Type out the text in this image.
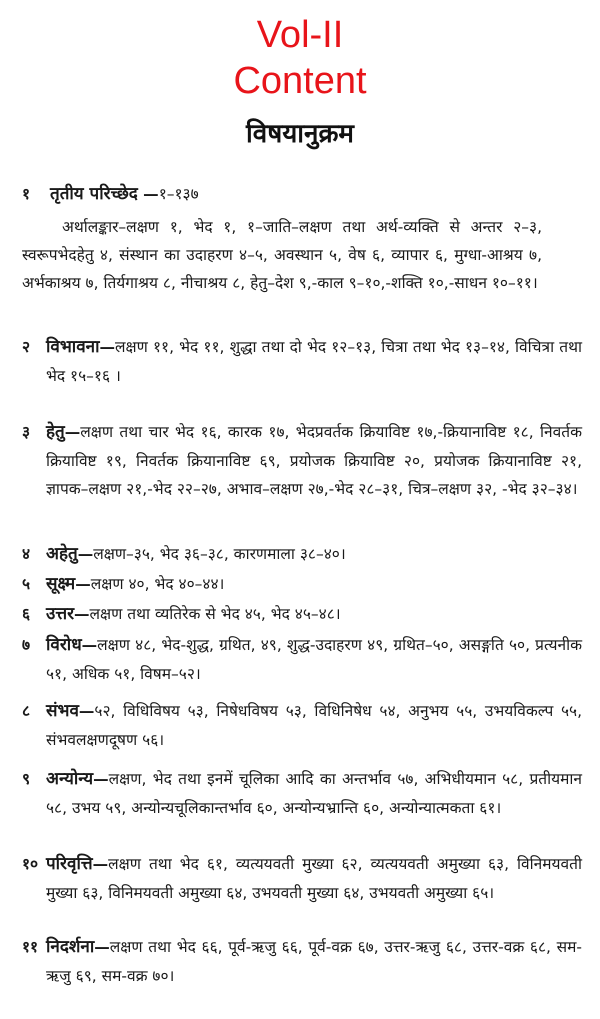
Vol-II
Content
विषयानुक्रम
१ तृतीय परिच्छेद —१–१३७
अर्थालङ्कार–लक्षण १, भेद १, १–जाति–लक्षण तथा अर्थ-व्यक्ति से अन्तर २–३, स्वरूपभेदहेतु ४, संस्थान का उदाहरण ४–५, अवस्थान ५, वेष ६, व्यापार ६, मुग्धा-आश्रय ७, अर्भकाश्रय ७, तिर्यगाश्रय ८, नीचाश्रय ८, हेतु–देश ९,-काल ९–१०,-शक्ति १०,-साधन १०–११।
२ विभावना—लक्षण ११, भेद ११, शुद्धा तथा दो भेद १२–१३, चित्रा तथा भेद १३–१४, विचित्रा तथा भेद १५–१६ ।
३ हेतु—लक्षण तथा चार भेद १६, कारक १७, भेदप्रवर्तक क्रियाविष्ट १७,-क्रियानाविष्ट १८, निवर्तक क्रियाविष्ट १९, निवर्तक क्रियानाविष्ट ६९, प्रयोजक क्रियाविष्ट २०, प्रयोजक क्रियानाविष्ट २१, ज्ञापक–लक्षण २१,-भेद २२–२७, अभाव–लक्षण २७,-भेद २८–३१, चित्र–लक्षण ३२, -भेद ३२–३४।
४ अहेतु—लक्षण–३५, भेद ३६–३८, कारणमाला ३८–४०।
५ सूक्ष्म—लक्षण ४०, भेद ४०–४४।
६ उत्तर—लक्षण तथा व्यतिरेक से भेद ४५, भेद ४५–४८।
७ विरोध—लक्षण ४८, भेद-शुद्ध, ग्रथित, ४९, शुद्ध-उदाहरण ४९, ग्रथित–५०, असङ्गति ५०, प्रत्यनीक ५१, अधिक ५१, विषम–५२।
८ संभव—५२, विधिविषय ५३, निषेधविषय ५३, विधिनिषेध ५४, अनुभय ५५, उभयविकल्प ५५, संभवलक्षणदूषण ५६।
९ अन्योन्य—लक्षण, भेद तथा इनमें चूलिका आदि का अन्तर्भाव ५७, अभिधीयमान ५८, प्रतीयमान ५८, उभय ५९, अन्योन्यचूलिकान्तर्भाव ६०, अन्योन्यभ्रान्ति ६०, अन्योन्यात्मकता ६१।
१० परिवृत्ति—लक्षण तथा भेद ६१, व्यत्ययवती मुख्या ६२, व्यत्ययवती अमुख्या ६३, विनिमयवती मुख्या ६३, विनिमयवती अमुख्या ६४, उभयवती मुख्या ६४, उभयवती अमुख्या ६५।
११ निदर्शना—लक्षण तथा भेद ६६, पूर्व-ऋजु ६६, पूर्व-वक्र ६७, उत्तर-ऋजु ६८, उत्तर-वक्र ६८, सम-ऋजु ६९, सम-वक्र ७०।
